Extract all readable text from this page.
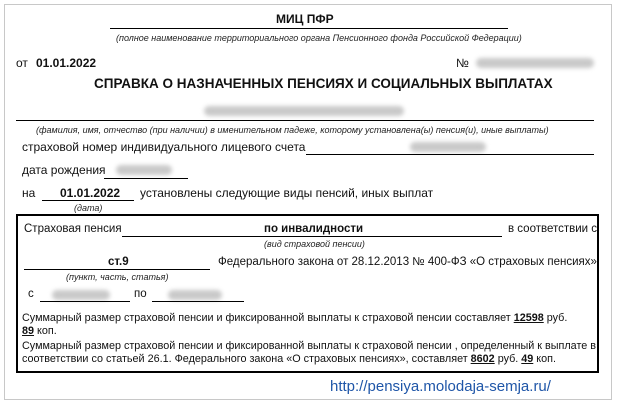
МИЦ ПФР
(полное наименование территориального органа Пенсионного фонда Российской Федерации)
от 01.01.2022	№
СПРАВКА О НАЗНАЧЕННЫХ ПЕНСИЯХ И СОЦИАЛЬНЫХ ВЫПЛАТАХ
(фамилия, имя, отчество (при наличии) в именительном падеже, которому установлена(ы) пенсия(и), иные выплаты)
страховой номер индивидуального лицевого счета
дата рождения
на 01.01.2022 установлены следующие виды пенсий, иных выплат
(дата)
Страховая пенсия	по инвалидности	в соответствии с
(вид страховой пенсии)
ст.9	Федерального закона от 28.12.2013 № 400-ФЗ «О страховых пенсиях»
(пункт, часть, статья)
с	по
Суммарный размер страховой пенсии и фиксированной выплаты к страховой пенсии составляет 12598 руб.
89 коп.
Суммарный размер страховой пенсии и фиксированной выплаты к страховой пенсии , определенный к выплате в
соответствии со статьей 26.1. Федерального закона «О страховых пенсиях», составляет 8602 руб. 49 коп.
http://pensiya.molodaja-semja.ru/
